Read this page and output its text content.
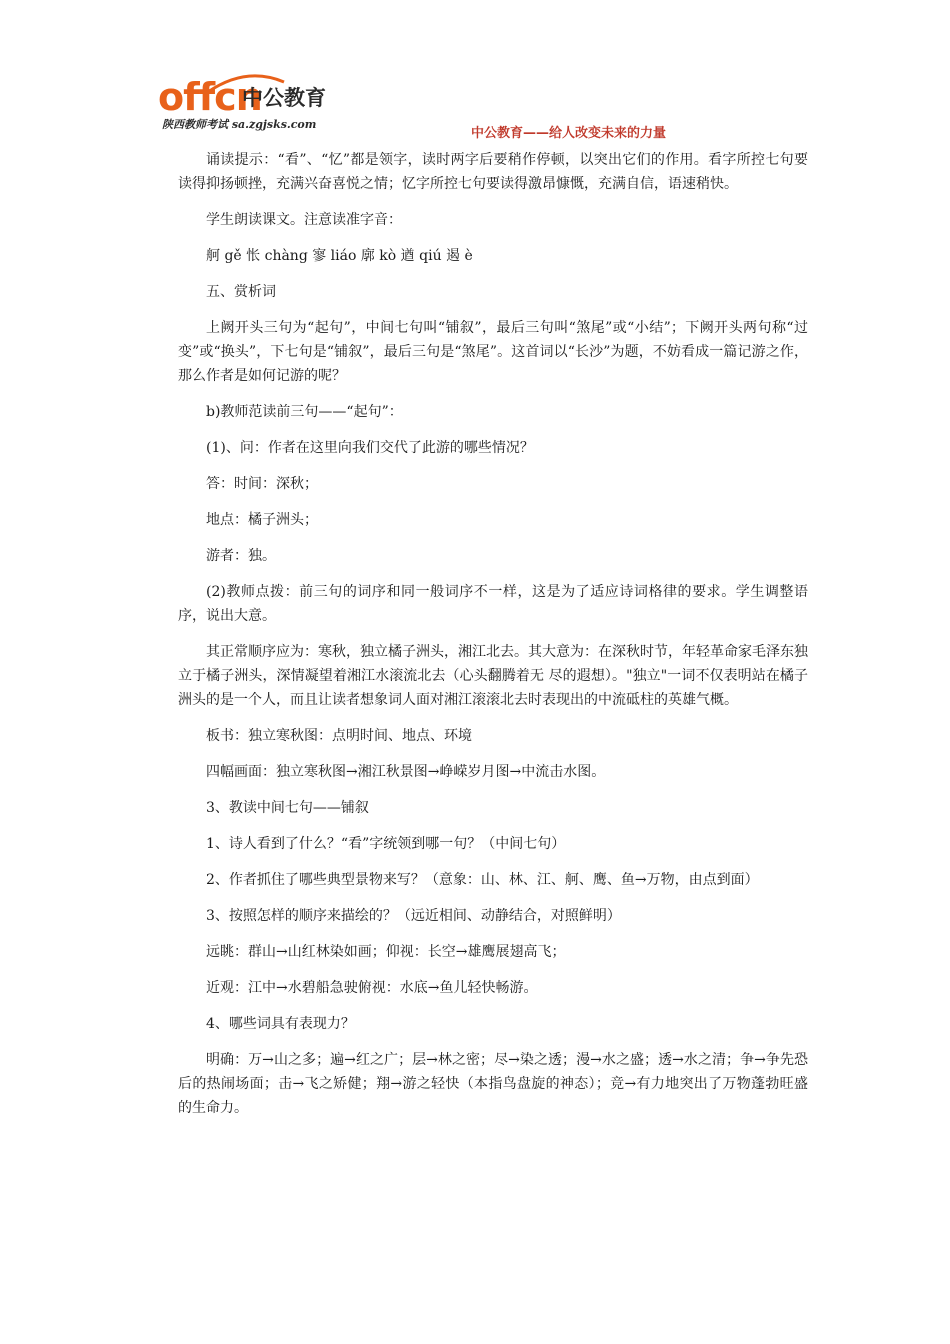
offcn
中公教育
陕西教师考试 sa.zgjsks.com
中公教育——给人改变未来的力量

诵读提示：“看”、“忆”都是领字，读时两字后要稍作停顿，以突出它们的作用。看字所控七句要读得抑扬顿挫，充满兴奋喜悦之情；忆字所控七句要读得激昂慷慨，充满自信，语速稍快。

学生朗读课文。注意读准字音：

舸 gě 怅 chàng 寥 liáo 廓 kò 遒 qiú 遏 è

五、赏析词

上阙开头三句为“起句”，中间七句叫“铺叙”，最后三句叫“煞尾”或“小结”；下阙开头两句称“过变”或“换头”，下七句是“铺叙”，最后三句是“煞尾”。这首词以“长沙”为题，不妨看成一篇记游之作，那么作者是如何记游的呢？

b)教师范读前三句——“起句”：

(1)、问：作者在这里向我们交代了此游的哪些情况？

答：时间：深秋；

地点：橘子洲头；

游者：独。

(2)教师点拨：前三句的词序和同一般词序不一样，这是为了适应诗词格律的要求。学生调整语序，说出大意。

其正常顺序应为：寒秋，独立橘子洲头，湘江北去。其大意为：在深秋时节，年轻革命家毛泽东独立于橘子洲头，深情凝望着湘江水滚流北去（心头翻腾着无 尽的遐想）。"独立"一词不仅表明站在橘子洲头的是一个人，而且让读者想象词人面对湘江滚滚北去时表现出的中流砥柱的英雄气概。

板书：独立寒秋图：点明时间、地点、环境

四幅画面：独立寒秋图→湘江秋景图→峥嵘岁月图→中流击水图。

3、教读中间七句——铺叙

1、诗人看到了什么？“看”字统领到哪一句？（中间七句）

2、作者抓住了哪些典型景物来写？（意象：山、林、江、舸、鹰、鱼→万物，由点到面）

3、按照怎样的顺序来描绘的？（远近相间、动静结合，对照鲜明）

远眺：群山→山红林染如画；仰视：长空→雄鹰展翅高飞；

近观：江中→水碧船急驶俯视：水底→鱼儿轻快畅游。

4、哪些词具有表现力？

明确：万→山之多；遍→红之广；层→林之密；尽→染之透；漫→水之盛；透→水之清；争→争先恐后的热闹场面；击→飞之矫健；翔→游之轻快（本指鸟盘旋的神态）；竞→有力地突出了万物蓬勃旺盛的生命力。
